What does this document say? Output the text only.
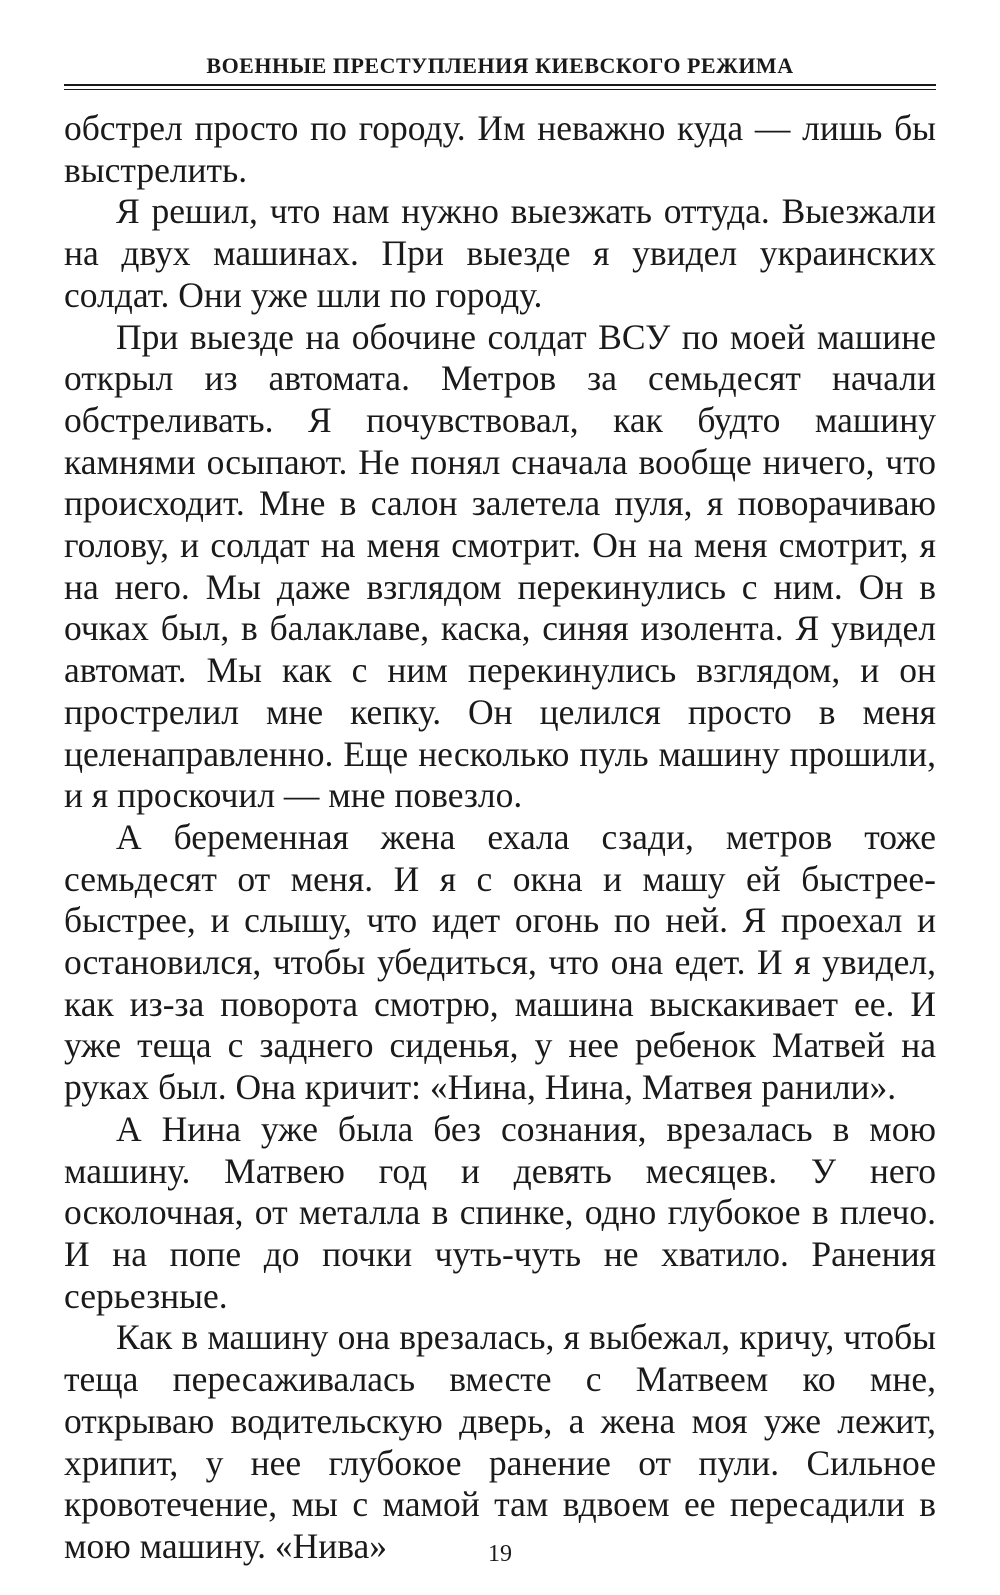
ВОЕННЫЕ ПРЕСТУПЛЕНИЯ КИЕВСКОГО РЕЖИМА

обстрел просто по городу. Им неважно куда — лишь бы выстрелить.

Я решил, что нам нужно выезжать оттуда. Выезжали на двух машинах. При выезде я увидел украинских солдат. Они уже шли по городу.

При выезде на обочине солдат ВСУ по моей машине открыл из автомата. Метров за семьдесят начали обстреливать. Я почувствовал, как будто машину камнями осыпают. Не понял сначала вообще ничего, что происходит. Мне в салон залетела пуля, я поворачиваю голову, и солдат на меня смотрит. Он на меня смотрит, я на него. Мы даже взглядом перекинулись с ним. Он в очках был, в балаклаве, каска, синяя изолента. Я увидел автомат. Мы как с ним перекинулись взглядом, и он прострелил мне кепку. Он целился просто в меня целенаправленно. Еще несколько пуль машину прошили, и я проскочил — мне повезло.

А беременная жена ехала сзади, метров тоже семьдесят от меня. И я с окна и машу ей быстрее-быстрее, и слышу, что идет огонь по ней. Я проехал и остановился, чтобы убедиться, что она едет. И я увидел, как из-за поворота смотрю, машина выскакивает ее. И уже теща с заднего сиденья, у нее ребенок Матвей на руках был. Она кричит: «Нина, Нина, Матвея ранили».

А Нина уже была без сознания, врезалась в мою машину. Матвею год и девять месяцев. У него осколочная, от металла в спинке, одно глубокое в плечо. И на попе до почки чуть-чуть не хватило. Ранения серьезные.

Как в машину она врезалась, я выбежал, кричу, чтобы теща пересаживалась вместе с Матвеем ко мне, открываю водительскую дверь, а жена моя уже лежит, хрипит, у нее глубокое ранение от пули. Сильное кровотечение, мы с мамой там вдвоем ее пересадили в мою машину. «Нива»	19
